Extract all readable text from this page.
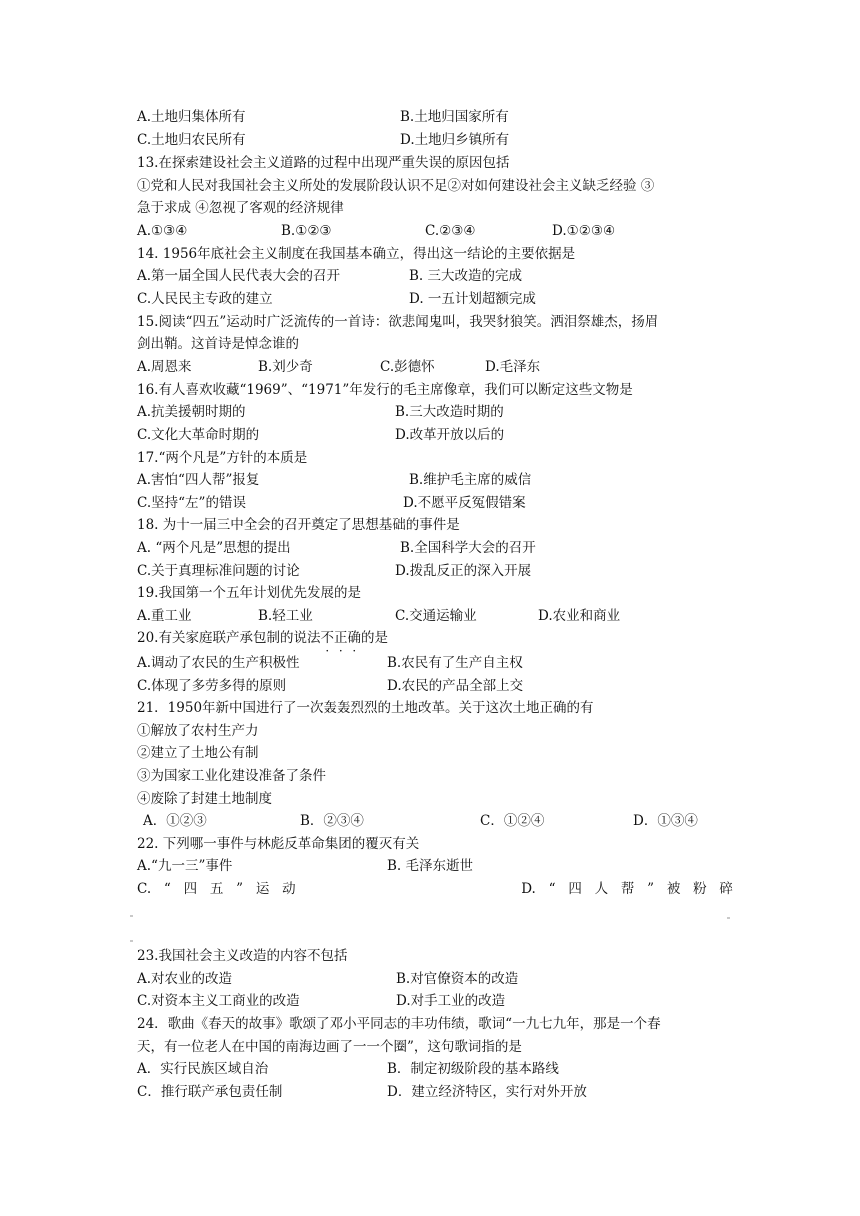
A.土地归集体所有	B.土地归国家所有
C.土地归农民所有	D.土地归乡镇所有
13.在探索建设社会主义道路的过程中出现严重失误的原因包括
①党和人民对我国社会主义所处的发展阶段认识不足②对如何建设社会主义缺乏经验 ③
急于求成 ④忽视了客观的经济规律
A.①③④	B.①②③	C.②③④	D.①②③④
14. 1956年底社会主义制度在我国基本确立，得出这一结论的主要依据是
A.第一届全国人民代表大会的召开	B. 三大改造的完成
C.人民民主专政的建立	D. 一五计划超额完成
15.阅读“四五”运动时广泛流传的一首诗：欲悲闻鬼叫，我哭豺狼笑。洒泪祭雄杰，扬眉
剑出鞘。这首诗是悼念谁的
A.周恩来	B.刘少奇	C.彭德怀	D.毛泽东
16.有人喜欢收藏“1969”、“1971”年发行的毛主席像章，我们可以断定这些文物是
A.抗美援朝时期的	B.三大改造时期的
C.文化大革命时期的	D.改革开放以后的
17.“两个凡是”方针的本质是
A.害怕“四人帮”报复	B.维护毛主席的威信
C.坚持“左”的错误	D.不愿平反冤假错案
18. 为十一届三中全会的召开奠定了思想基础的事件是
A. “两个凡是”思想的提出	B.全国科学大会的召开
C.关于真理标准问题的讨论	D.拨乱反正的深入开展
19.我国第一个五年计划优先发展的是
A.重工业	B.轻工业	C.交通运输业	D.农业和商业
20.有关家庭联产承包制的说法不正确的是
A.调动了农民的生产积极性	B.农民有了生产自主权
C.体现了多劳多得的原则	D.农民的产品全部上交
21．1950年新中国进行了一次轰轰烈烈的土地改革。关于这次土地正确的有
①解放了农村生产力
②建立了土地公有制
③为国家工业化建设准备了条件
④废除了封建土地制度
A．①②③	B．②③④	C．①②④	D．①③④
22. 下列哪一事件与林彪反革命集团的覆灭有关
A.“九一三”事件	B. 毛泽东逝世
C. “ 四 五 ” 运 动	D. “ 四 人 帮 ” 被 粉 碎
23.我国社会主义改造的内容不包括
A.对农业的改造	B.对官僚资本的改造
C.对资本主义工商业的改造	D.对手工业的改造
24．歌曲《春天的故事》歌颂了邓小平同志的丰功伟绩，歌词“一九七九年，那是一个春
天，有一位老人在中国的南海边画了一一个圈”，这句歌词指的是
A．实行民族区域自治	B．制定初级阶段的基本路线
C．推行联产承包责任制	D．建立经济特区，实行对外开放
